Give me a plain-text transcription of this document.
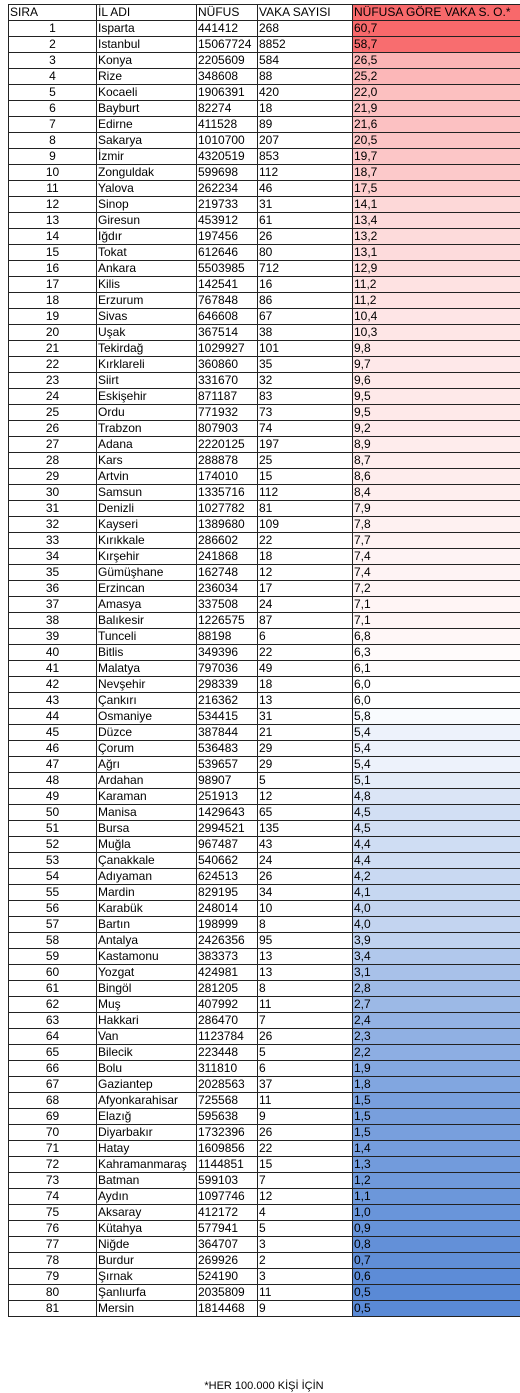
SIRA	İL ADI	NÜFUS	VAKA SAYISI	NÜFUSA GÖRE VAKA S. O.*
1	Isparta	441412	268	60,7
2	Istanbul	15067724	8852	58,7
3	Konya	2205609	584	26,5
4	Rize	348608	88	25,2
5	Kocaeli	1906391	420	22,0
6	Bayburt	82274	18	21,9
7	Edirne	411528	89	21,6
8	Sakarya	1010700	207	20,5
9	İzmir	4320519	853	19,7
10	Zonguldak	599698	112	18,7
11	Yalova	262234	46	17,5
12	Sinop	219733	31	14,1
13	Giresun	453912	61	13,4
14	Iğdır	197456	26	13,2
15	Tokat	612646	80	13,1
16	Ankara	5503985	712	12,9
17	Kilis	142541	16	11,2
18	Erzurum	767848	86	11,2
19	Sivas	646608	67	10,4
20	Uşak	367514	38	10,3
21	Tekirdağ	1029927	101	9,8
22	Kırklareli	360860	35	9,7
23	Siirt	331670	32	9,6
24	Eskişehir	871187	83	9,5
25	Ordu	771932	73	9,5
26	Trabzon	807903	74	9,2
27	Adana	2220125	197	8,9
28	Kars	288878	25	8,7
29	Artvin	174010	15	8,6
30	Samsun	1335716	112	8,4
31	Denizli	1027782	81	7,9
32	Kayseri	1389680	109	7,8
33	Kırıkkale	286602	22	7,7
34	Kırşehir	241868	18	7,4
35	Gümüşhane	162748	12	7,4
36	Erzincan	236034	17	7,2
37	Amasya	337508	24	7,1
38	Balıkesir	1226575	87	7,1
39	Tunceli	88198	6	6,8
40	Bitlis	349396	22	6,3
41	Malatya	797036	49	6,1
42	Nevşehir	298339	18	6,0
43	Çankırı	216362	13	6,0
44	Osmaniye	534415	31	5,8
45	Düzce	387844	21	5,4
46	Çorum	536483	29	5,4
47	Ağrı	539657	29	5,4
48	Ardahan	98907	5	5,1
49	Karaman	251913	12	4,8
50	Manisa	1429643	65	4,5
51	Bursa	2994521	135	4,5
52	Muğla	967487	43	4,4
53	Çanakkale	540662	24	4,4
54	Adıyaman	624513	26	4,2
55	Mardin	829195	34	4,1
56	Karabük	248014	10	4,0
57	Bartın	198999	8	4,0
58	Antalya	2426356	95	3,9
59	Kastamonu	383373	13	3,4
60	Yozgat	424981	13	3,1
61	Bingöl	281205	8	2,8
62	Muş	407992	11	2,7
63	Hakkari	286470	7	2,4
64	Van	1123784	26	2,3
65	Bilecik	223448	5	2,2
66	Bolu	311810	6	1,9
67	Gaziantep	2028563	37	1,8
68	Afyonkarahisar	725568	11	1,5
69	Elazığ	595638	9	1,5
70	Diyarbakır	1732396	26	1,5
71	Hatay	1609856	22	1,4
72	Kahramanmaraş	1144851	15	1,3
73	Batman	599103	7	1,2
74	Aydın	1097746	12	1,1
75	Aksaray	412172	4	1,0
76	Kütahya	577941	5	0,9
77	Niğde	364707	3	0,8
78	Burdur	269926	2	0,7
79	Şırnak	524190	3	0,6
80	Şanlıurfa	2035809	11	0,5
81	Mersin	1814468	9	0,5
*HER 100.000 KİŞİ İÇİN
